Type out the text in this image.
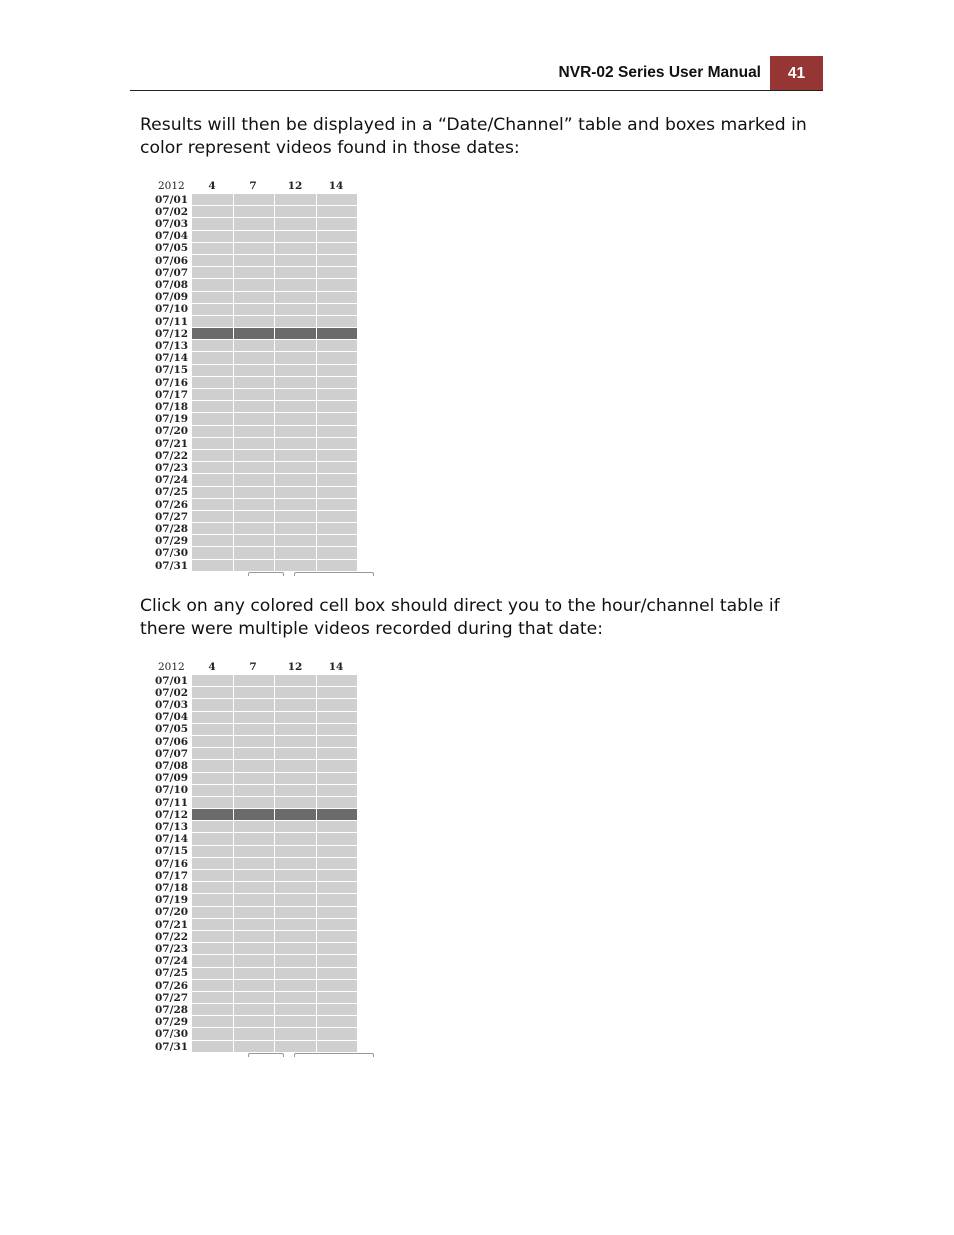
NVR-02 Series User Manual	41

Results will then be displayed in a “Date/Channel” table and boxes marked in color represent videos found in those dates:

2012	4	7	12	14
07/01
07/02
07/03
07/04
07/05
07/06
07/07
07/08
07/09
07/10
07/11
07/12
07/13
07/14
07/15
07/16
07/17
07/18
07/19
07/20
07/21
07/22
07/23
07/24
07/25
07/26
07/27
07/28
07/29
07/30
07/31

Click on any colored cell box should direct you to the hour/channel table if there were multiple videos recorded during that date:

2012	4	7	12	14
07/01
07/02
07/03
07/04
07/05
07/06
07/07
07/08
07/09
07/10
07/11
07/12
07/13
07/14
07/15
07/16
07/17
07/18
07/19
07/20
07/21
07/22
07/23
07/24
07/25
07/26
07/27
07/28
07/29
07/30
07/31
